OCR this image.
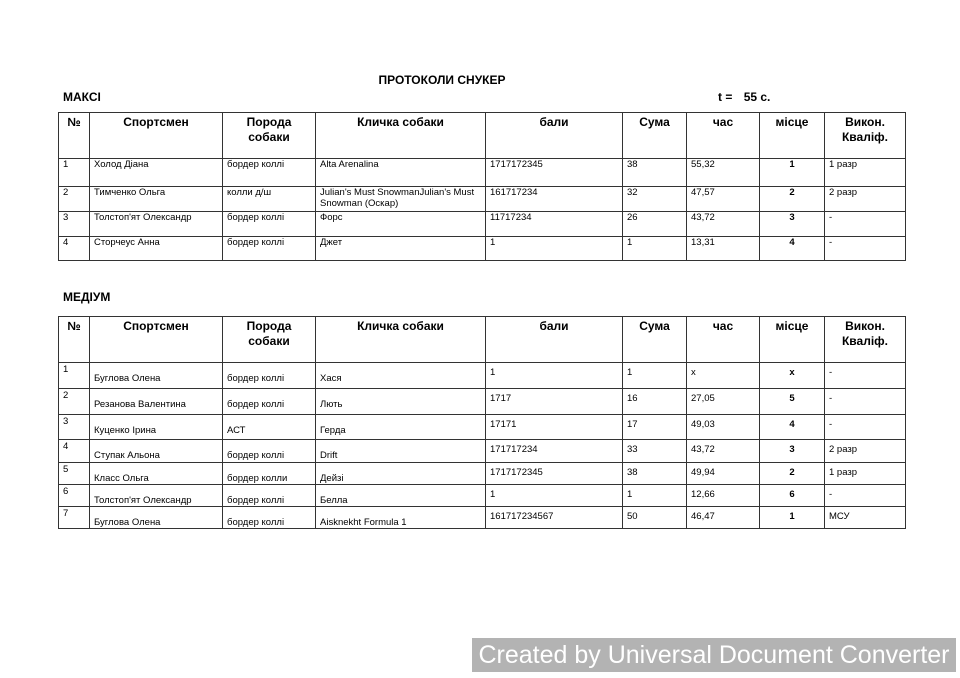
ПРОТОКОЛИ СНУКЕР
МАКСІ	t = 55 с.
№	Спортсмен	Порода собаки	Кличка собаки	бали	Сума	час	місце	Викон. Кваліф.
1	Холод Діана	бордер коллі	Alta Arenalina	1717172345	38	55,32	1	1 разр
2	Тимченко Ольга	колли д/ш	Julian's Must SnowmanJulian's Must Snowman (Оскар)	161717234	32	47,57	2	2 разр
3	Толстоп'ят Олександр	бордер коллі	Форс	11717234	26	43,72	3	-
4	Сторчеус Анна	бордер коллі	Джет	1	1	13,31	4	-
МЕДІУМ
№	Спортсмен	Порода собаки	Кличка собаки	бали	Сума	час	місце	Викон. Кваліф.
1	Буглова Олена	бордер коллі	Хася	1	1	х	х	-
2	Резанова Валентина	бордер коллі	Лють	1717	16	27,05	5	-
3	Куценко Ірина	АСТ	Герда	17171	17	49,03	4	-
4	Ступак Альона	бордер коллі	Drift	171717234	33	43,72	3	2 разр
5	Класс Ольга	бордер колли	Дейзі	1717172345	38	49,94	2	1 разр
6	Толстоп'ят Олександр	бордер коллі	Белла	1	1	12,66	6	-
7	Буглова Олена	бордер коллі	Aisknekht Formula 1	161717234567	50	46,47	1	МСУ
Created by Universal Document Converter
